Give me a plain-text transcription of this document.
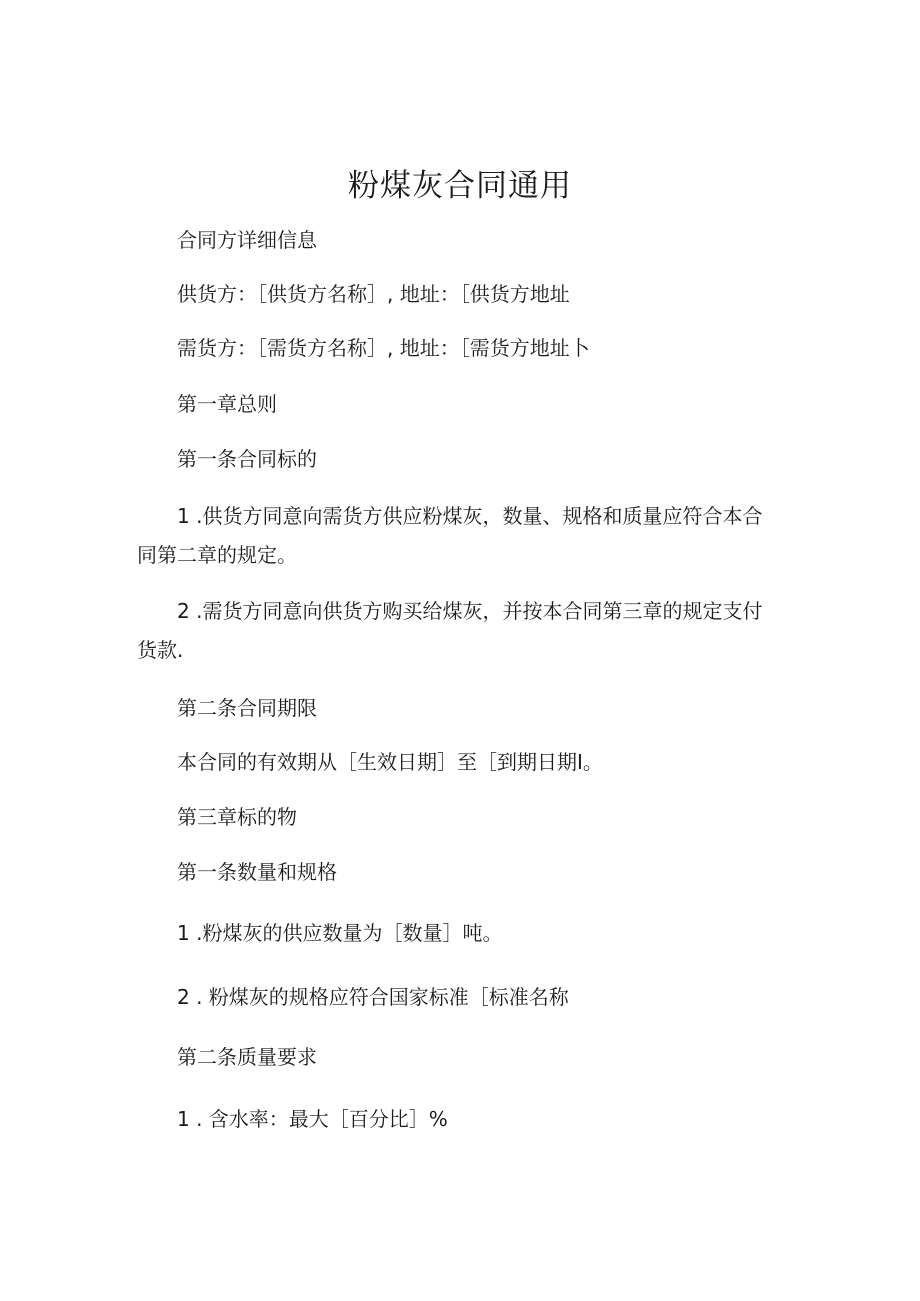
粉煤灰合同通用
合同方详细信息
供货方：［供货方名称］, 地址：［供货方地址
需货方：［需货方名称］, 地址：［需货方地址卜
第一章总则
第一条合同标的
1 .供货方同意向需货方供应粉煤灰，数量、规格和质量应符合本合同第二章的规定。
2 .需货方同意向供货方购买给煤灰，并按本合同第三章的规定支付货款.
第二条合同期限
本合同的有效期从［生效日期］至［到期日期I。
第三章标的物
第一条数量和规格
1 .粉煤灰的供应数量为［数量］吨。
2 . 粉煤灰的规格应符合国家标准［标准名称
第二条质量要求
1 . 含水率：最大［百分比］%
